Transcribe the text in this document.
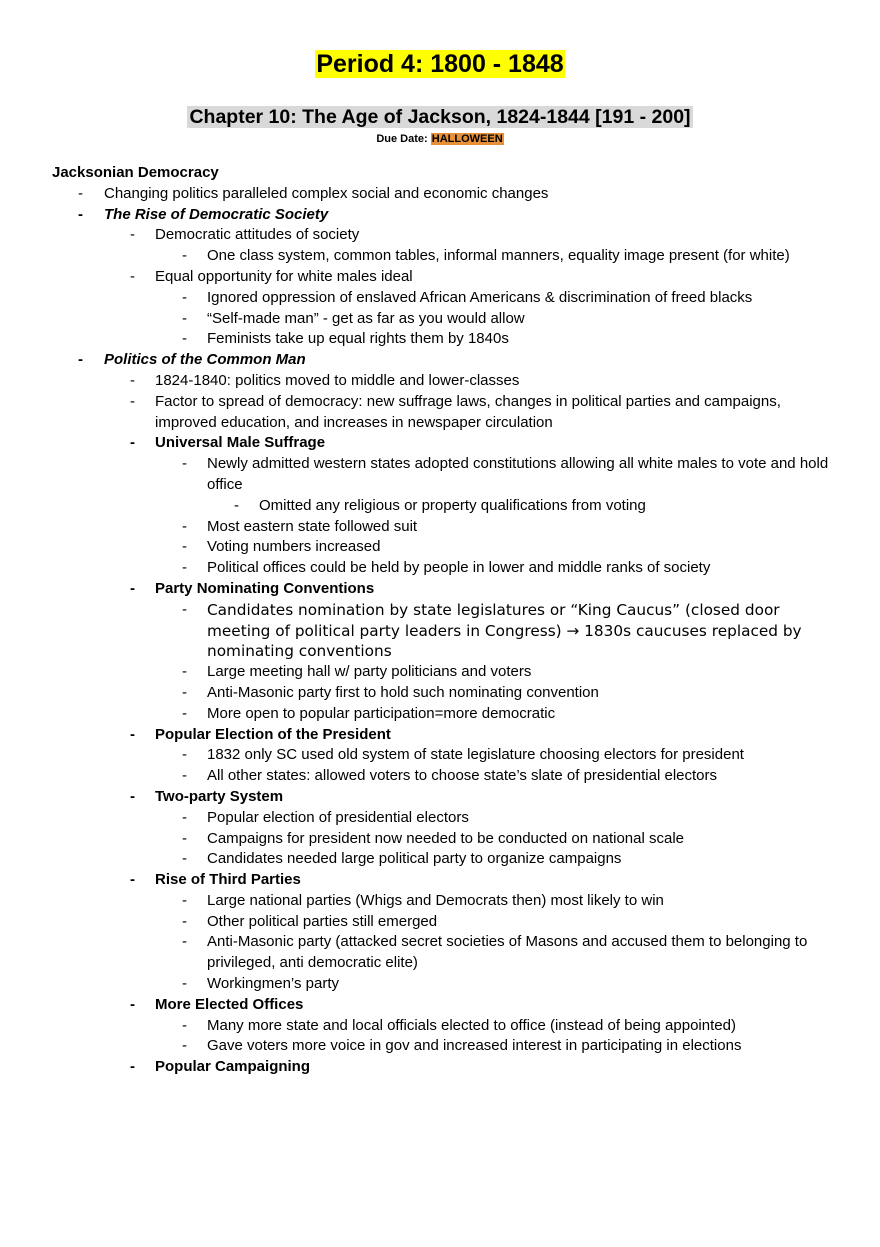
Period 4: 1800 - 1848
Chapter 10: The Age of Jackson, 1824-1844 [191 - 200]
Due Date: HALLOWEEN
Jacksonian Democracy
- Changing politics paralleled complex social and economic changes
- The Rise of Democratic Society
- Democratic attitudes of society
- One class system, common tables, informal manners, equality image present (for white)
- Equal opportunity for white males ideal
- Ignored oppression of enslaved African Americans & discrimination of freed blacks
- “Self-made man” - get as far as you would allow
- Feminists take up equal rights them by 1840s
- Politics of the Common Man
- 1824-1840: politics moved to middle and lower-classes
- Factor to spread of democracy: new suffrage laws, changes in political parties and campaigns, improved education, and increases in newspaper circulation
- Universal Male Suffrage
- Newly admitted western states adopted constitutions allowing all white males to vote and hold office
- Omitted any religious or property qualifications from voting
- Most eastern state followed suit
- Voting numbers increased
- Political offices could be held by people in lower and middle ranks of society
- Party Nominating Conventions
- Candidates nomination by state legislatures or “King Caucus” (closed door meeting of political party leaders in Congress) → 1830s caucuses replaced by nominating conventions
- Large meeting hall w/ party politicians and voters
- Anti-Masonic party first to hold such nominating convention
- More open to popular participation=more democratic
- Popular Election of the President
- 1832 only SC used old system of state legislature choosing electors for president
- All other states: allowed voters to choose state’s slate of presidential electors
- Two-party System
- Popular election of presidential electors
- Campaigns for president now needed to be conducted on national scale
- Candidates needed large political party to organize campaigns
- Rise of Third Parties
- Large national parties (Whigs and Democrats then) most likely to win
- Other political parties still emerged
- Anti-Masonic party (attacked secret societies of Masons and accused them to belonging to privileged, anti democratic elite)
- Workingmen’s party
- More Elected Offices
- Many more state and local officials elected to office (instead of being appointed)
- Gave voters more voice in gov and increased interest in participating in elections
- Popular Campaigning
